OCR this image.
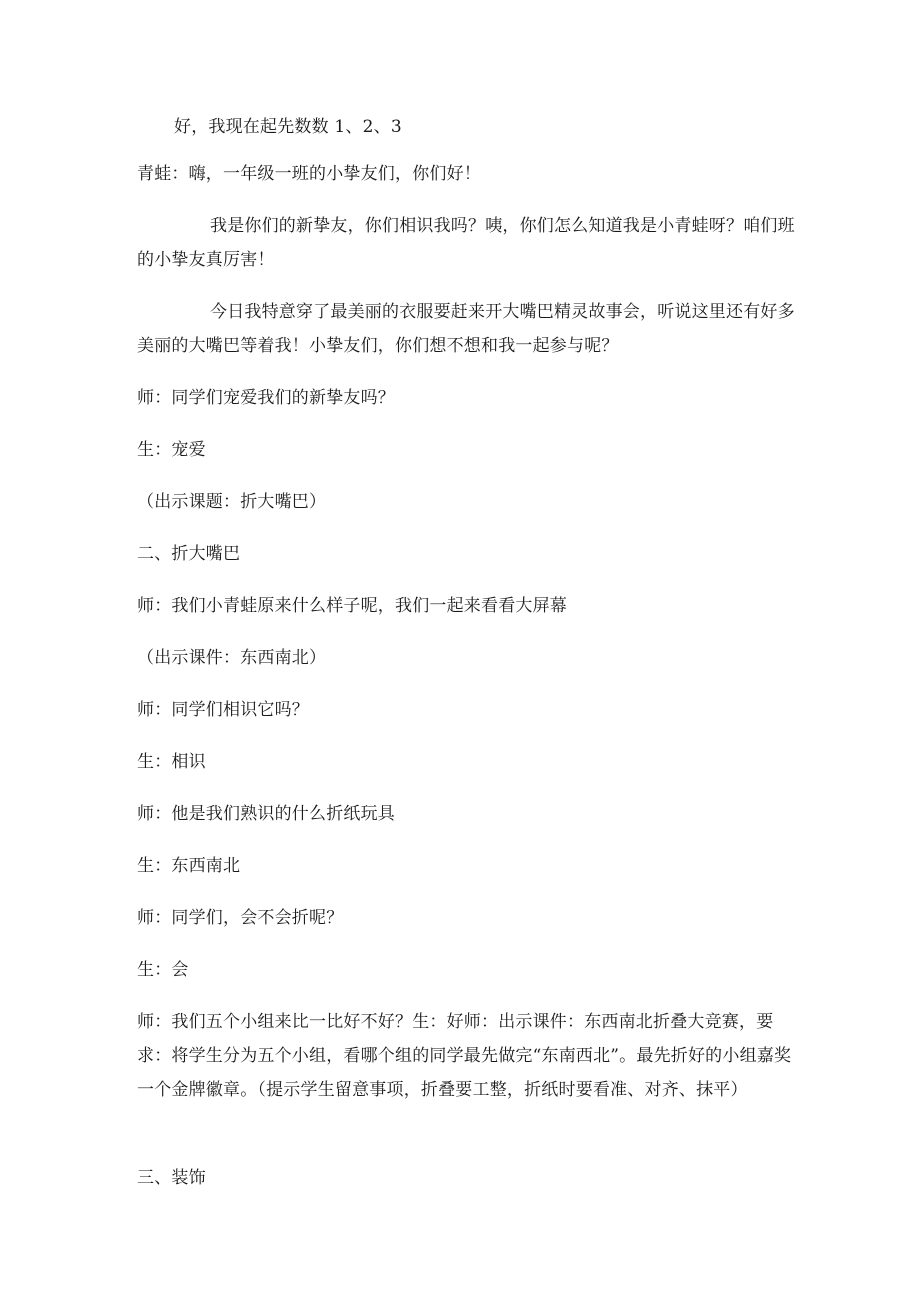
好，我现在起先数数 1、2、3
青蛙：嗨，一年级一班的小挚友们，你们好！
我是你们的新挚友，你们相识我吗？咦，你们怎么知道我是小青蛙呀？咱们班的小挚友真厉害！
今日我特意穿了最美丽的衣服要赶来开大嘴巴精灵故事会，听说这里还有好多美丽的大嘴巴等着我！小挚友们，你们想不想和我一起参与呢？
师：同学们宠爱我们的新挚友吗？
生：宠爱
（出示课题：折大嘴巴）
二、折大嘴巴
师：我们小青蛙原来什么样子呢，我们一起来看看大屏幕
（出示课件：东西南北）
师：同学们相识它吗？
生：相识
师：他是我们熟识的什么折纸玩具
生：东西南北
师：同学们，会不会折呢？
生：会
师：我们五个小组来比一比好不好？生：好师：出示课件：东西南北折叠大竞赛，要求：将学生分为五个小组，看哪个组的同学最先做完“东南西北”。最先折好的小组嘉奖一个金牌徽章。（提示学生留意事项，折叠要工整，折纸时要看准、对齐、抹平）
三、装饰
